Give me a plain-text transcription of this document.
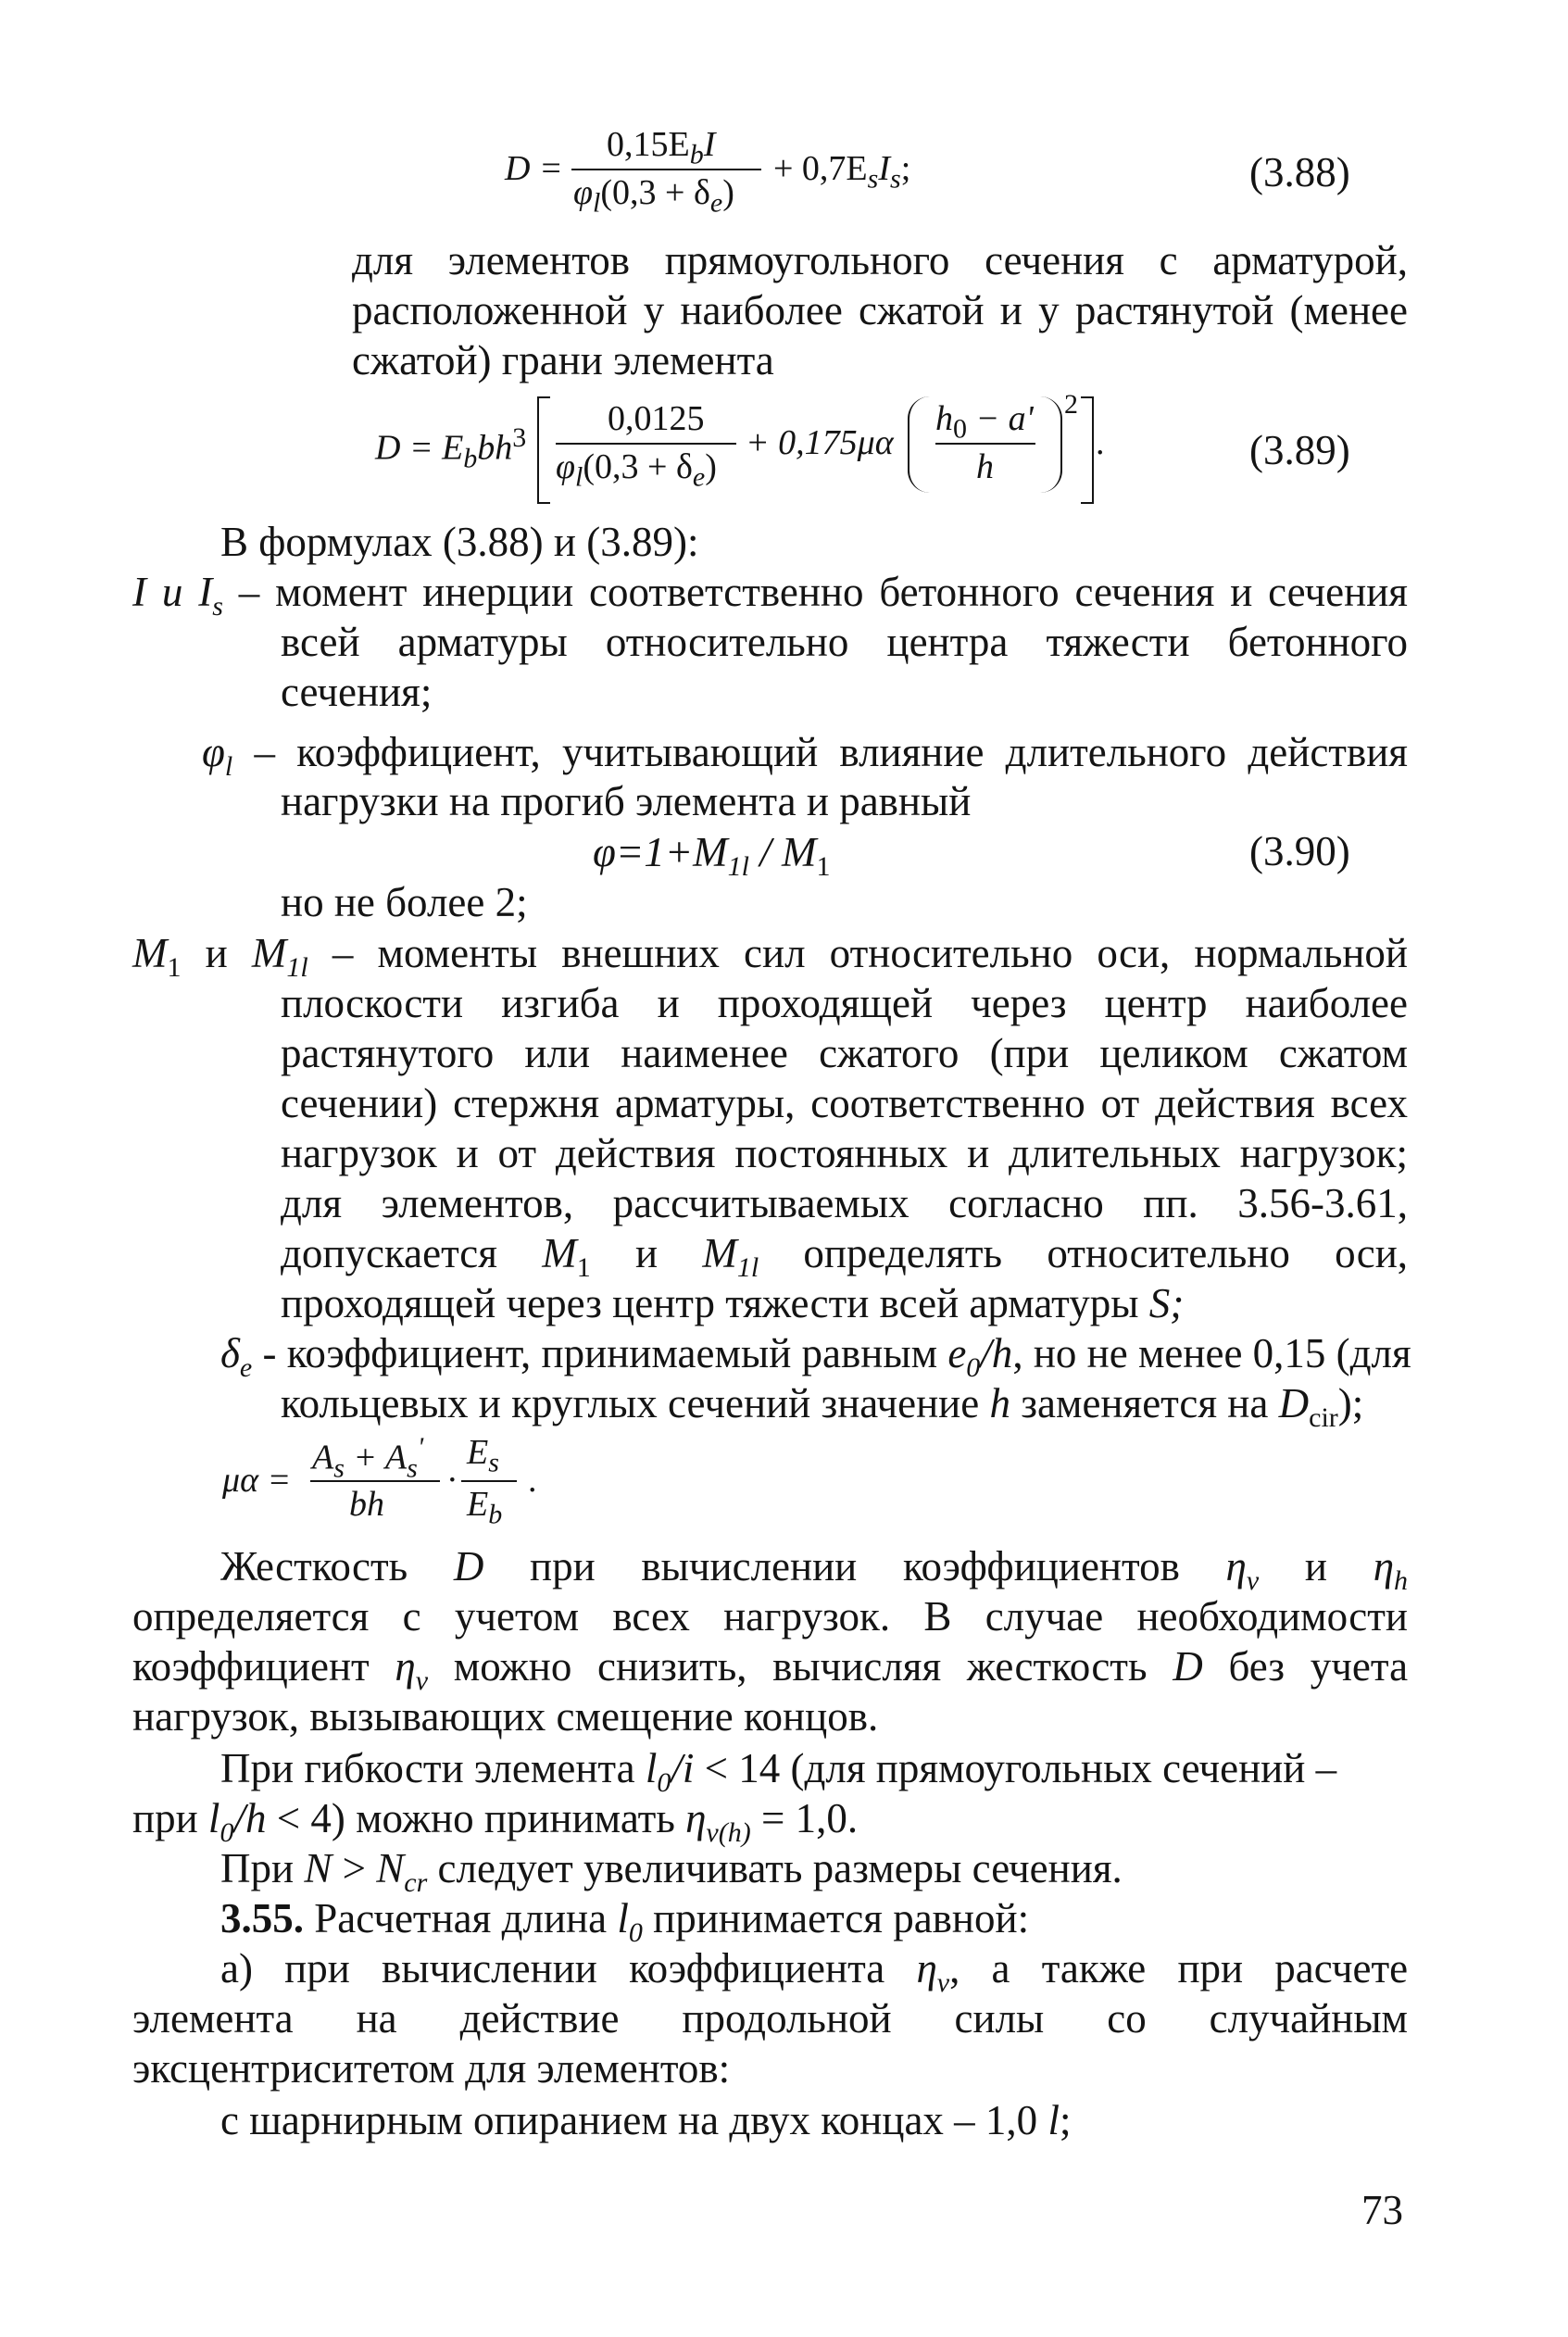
D =
$0,15E_bI$
$\varphi_l(0,3 + \delta_e)$
+ $0,7E_sI_s$;	(3.88)
для элементов прямоугольного сечения с арматурой,
расположенной у наиболее сжатой и у растянутой (менее
сжатой) грани элемента
$D = E_bbh^3$ 0,0125
$\varphi_l(0,3 + \delta_e)$
+ 0,175μα
$h_0 - a'$
h
2
.	(3.89)
В формулах (3.88) и (3.89):
I и $I_s$ – момент инерции соответственно бетонного сечения и сечения
всей арматуры относительно центра тяжести бетонного
сечения;
$\varphi_l$ – коэффициент, учитывающий влияние длительного действия
нагрузки на прогиб элемента и равный
$\varphi=1+M_{1l} / M_1$	(3.90)
но не более 2;
$M_1$ и $M_{1l}$ – моменты внешних сил относительно оси, нормальной
плоскости изгиба и проходящей через центр наиболее
растянутого или наименее сжатого (при целиком сжатом
сечении) стержня арматуры, соответственно от действия всех
нагрузок и от действия постоянных и длительных нагрузок;
для элементов, рассчитываемых согласно пп. 3.56-3.61,
допускается $M_1$ и $M_{1l}$ определять относительно оси,
проходящей через центр тяжести всей арматуры S;
$\delta_e$ - коэффициент, принимаемый равным $e_0/h$, но не менее 0,15 (для
кольцевых и круглых сечений значение h заменяется на $D_{cir}$);
μα =
$A_s + A_s'$
bh
·
$E_s$
$E_b$
.
Жесткость D при вычислении коэффициентов $\eta_v$ и $\eta_h$
определяется с учетом всех нагрузок. В случае необходимости
коэффициент $\eta_v$ можно снизить, вычисляя жесткость D без учета
нагрузок, вызывающих смещение концов.
При гибкости элемента $l_0/i < 14$ (для прямоугольных сечений –
при $l_0/h < 4$) можно принимать $\eta_{v(h)} = 1,0$.
При $N > N_{cr}$ следует увеличивать размеры сечения.
3.55. Расчетная длина $l_0$ принимается равной:
а) при вычислении коэффициента $\eta_v$, а также при расчете
элемента на действие продольной силы со случайным
эксцентриситетом для элементов:
с шарнирным опиранием на двух концах – 1,0 l;
73
